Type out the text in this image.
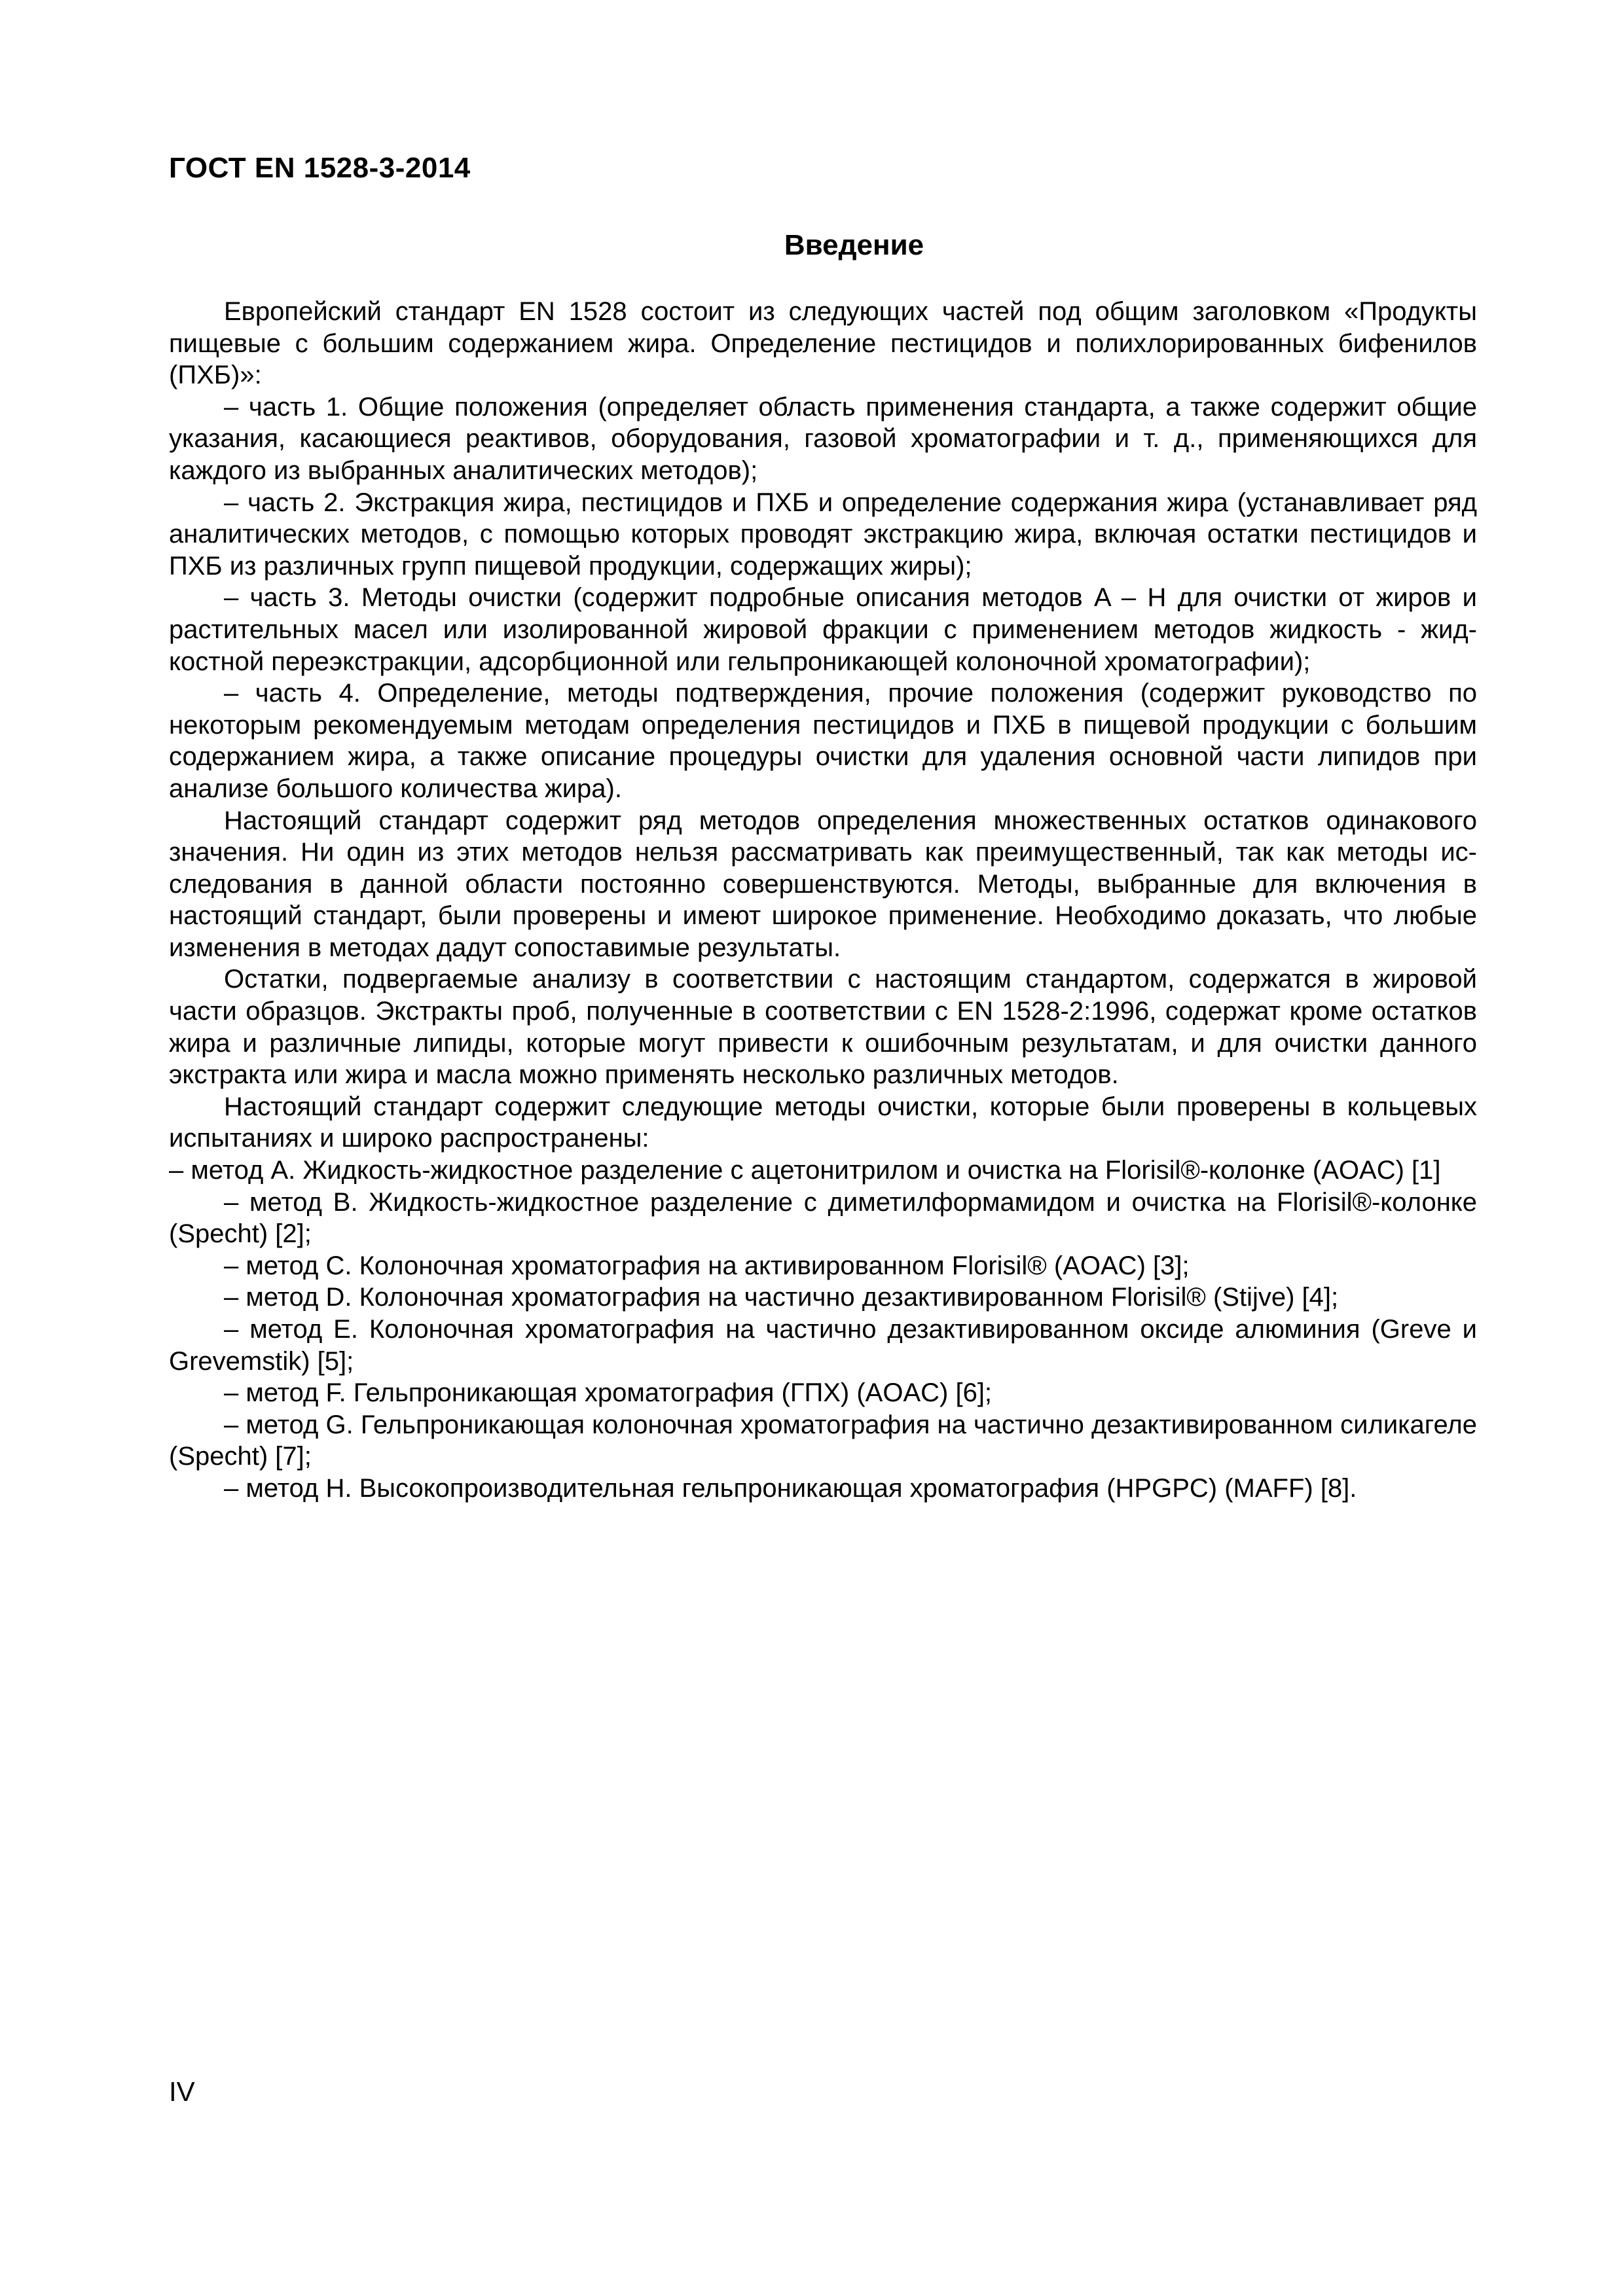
ГОСТ EN 1528-3-2014
Введение

Европейский стандарт EN 1528 состоит из следующих частей под общим заголовком «Продукты пищевые с большим содержанием жира. Определение пестицидов и полихлорированных бифенилов (ПХБ)»:

– часть 1. Общие положения (определяет область применения стандарта, а также содержит общие указания, касающиеся реактивов, оборудования, газовой хроматографии и т. д., применяющихся для каждого из выбранных аналитических методов);

– часть 2. Экстракция жира, пестицидов и ПХБ и определение содержания жира (устанавливает ряд аналитических методов, с помощью которых проводят экстракцию жира, включая остатки пестицидов и ПХБ из различных групп пищевой продукции, содержащих жиры);

– часть 3. Методы очистки (содержит подробные описания методов A – H для очистки от жиров и растительных масел или изолированной жировой фракции с применением методов жидкость - жидкостной переэкстракции, адсорбционной или гельпроникающей колоночной хроматографии);

– часть 4. Определение, методы подтверждения, прочие положения (содержит руководство по некоторым рекомендуемым методам определения пестицидов и ПХБ в пищевой продукции с большим содержанием жира, а также описание процедуры очистки для удаления основной части липидов при анализе большого количества жира).

Настоящий стандарт содержит ряд методов определения множественных остатков одинакового значения. Ни один из этих методов нельзя рассматривать как преимущественный, так как методы исследования в данной области постоянно совершенствуются. Методы, выбранные для включения в настоящий стандарт, были проверены и имеют широкое применение. Необходимо доказать, что любые изменения в методах дадут сопоставимые результаты.

Остатки, подвергаемые анализу в соответствии с настоящим стандартом, содержатся в жировой части образцов. Экстракты проб, полученные в соответствии с EN 1528-2:1996, содержат кроме остатков жира и различные липиды, которые могут привести к ошибочным результатам, и для очистки данного экстракта или жира и масла можно применять несколько различных методов.

Настоящий стандарт содержит следующие методы очистки, которые были проверены в кольцевых испытаниях и широко распространены:

– метод A. Жидкость-жидкостное разделение с ацетонитрилом и очистка на Florisil®-колонке (AOAC) [1]

– метод B. Жидкость-жидкостное разделение с диметилформамидом и очистка на Florisil®-колонке (Specht) [2];

– метод C. Колоночная хроматография на активированном Florisil® (AOAC) [3];

– метод D. Колоночная хроматография на частично дезактивированном Florisil® (Stijve) [4];

– метод E. Колоночная хроматография на частично дезактивированном оксиде алюминия (Greve и Grevemstik) [5];

– метод F. Гельпроникающая хроматография (ГПХ) (AOAC) [6];

– метод G. Гельпроникающая колоночная хроматография на частично дезактивированном силикагеле (Specht) [7];

– метод H. Высокопроизводительная гельпроникающая хроматография (HPGPC) (MAFF) [8].

IV
